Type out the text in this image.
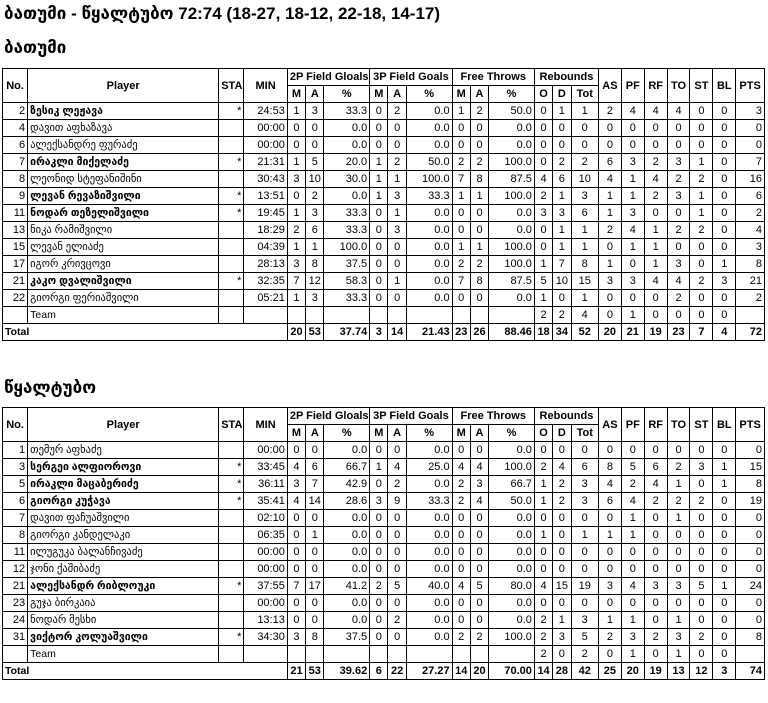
ბათუმი - წყალტუბო 72:74 (18-27, 18-12, 22-18, 14-17)
ბათუმი
No.	Player	STA	MIN	2P Field Gloals			3P Field Goals			Free Throws			Rebounds			AS	PF	RF	TO	ST	BL	PTS
				M	A	%	M	A	%	M	A	%	O	D	Tot							
2	ზესიკ ლეჟავა	*	24:53	1	3	33.3	0	2	0.0	1	2	50.0	0	1	1	2	4	4	4	0	0	3
4	დავით აფხაზავა		00:00	0	0	0.0	0	0	0.0	0	0	0.0	0	0	0	0	0	0	0	0	0	0
6	ალექსანდრე ფურაძე		00:00	0	0	0.0	0	0	0.0	0	0	0.0	0	0	0	0	0	0	0	0	0	0
7	ირაკლი მიქელაძე	*	21:31	1	5	20.0	1	2	50.0	2	2	100.0	0	2	2	6	3	2	3	1	0	7
8	ლეონიდ სტეფანიშინი		30:43	3	10	30.0	1	1	100.0	7	8	87.5	4	6	10	4	1	4	2	2	0	16
9	ლევან რევაზიშვილი	*	13:51	0	2	0.0	1	3	33.3	1	1	100.0	2	1	3	1	1	2	3	1	0	6
11	ნოდარ თეზელიშვილი	*	19:45	1	3	33.3	0	1	0.0	0	0	0.0	3	3	6	1	3	0	0	1	0	2
13	ნიკა რამიშვილი		18:29	2	6	33.3	0	3	0.0	0	0	0.0	0	1	1	2	4	1	2	2	0	4
15	ლევან ელიაძე		04:39	1	1	100.0	0	0	0.0	1	1	100.0	0	1	1	0	1	1	0	0	0	3
17	იგორ კრივცოვი		28:13	3	8	37.5	0	0	0.0	2	2	100.0	1	7	8	1	0	1	3	0	1	8
21	კაკო დვალიშვილი	*	32:35	7	12	58.3	0	1	0.0	7	8	87.5	5	10	15	3	3	4	4	2	3	21
22	გიორგი ფერიაშვილი		05:21	1	3	33.3	0	0	0.0	0	0	0.0	1	0	1	0	0	0	2	0	0	2
	Team												2	2	4	0	1	0	0	0	0	
Total				20	53	37.74	3	14	21.43	23	26	88.46	18	34	52	20	21	19	23	7	4	72
წყალტუბო
No.	Player	STA	MIN	2P Field Gloals			3P Field Goals			Free Throws			Rebounds			AS	PF	RF	TO	ST	BL	PTS
				M	A	%	M	A	%	M	A	%	O	D	Tot							
1	თემურ აფხაძე		00:00	0	0	0.0	0	0	0.0	0	0	0.0	0	0	0	0	0	0	0	0	0	0
3	სერგეი ალფიოროვი	*	33:45	4	6	66.7	1	4	25.0	4	4	100.0	2	4	6	8	5	6	2	3	1	15
5	ირაკლი მაცაბერიძე	*	36:11	3	7	42.9	0	2	0.0	2	3	66.7	1	2	3	4	2	4	1	0	1	8
6	გიორგი კუჭავა	*	35:41	4	14	28.6	3	9	33.3	2	4	50.0	1	2	3	6	4	2	2	2	0	19
7	დავით ფაჩუაშვილი		02:10	0	0	0.0	0	0	0.0	0	0	0.0	0	0	0	0	1	0	1	0	0	0
8	გიორგი კანდელაკი		06:35	0	1	0.0	0	0	0.0	0	0	0.0	1	0	1	1	1	0	0	0	0	0
11	ილუგუკა ბალანჩივაძე		00:00	0	0	0.0	0	0	0.0	0	0	0.0	0	0	0	0	0	0	0	0	0	0
12	ჯონი ქაშიბაძე		00:00	0	0	0.0	0	0	0.0	0	0	0.0	0	0	0	0	0	0	0	0	0	0
21	ალექსანდრ რიბლოუკი	*	37:55	7	17	41.2	2	5	40.0	4	5	80.0	4	15	19	3	4	3	3	5	1	24
23	გუჯა ბირკაია		00:00	0	0	0.0	0	0	0.0	0	0	0.0	0	0	0	0	0	0	0	0	0	0
24	ნოდარ მესხი		13:13	0	0	0.0	0	2	0.0	0	0	0.0	2	1	3	1	1	0	1	0	0	0
31	ვიქტორ კოლუაშვილი	*	34:30	3	8	37.5	0	0	0.0	2	2	100.0	2	3	5	2	3	2	3	2	0	8
	Team												2	0	2	0	1	0	1	0	0	
Total				21	53	39.62	6	22	27.27	14	20	70.00	14	28	42	25	20	19	13	12	3	74
